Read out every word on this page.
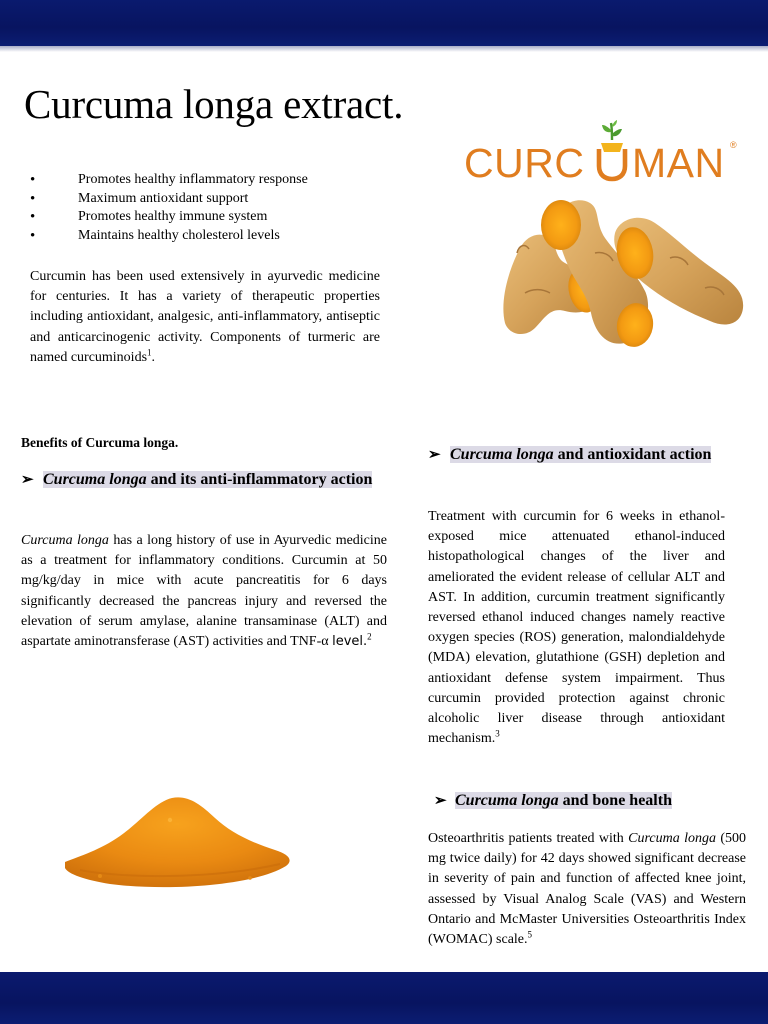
Curcuma longa extract.
• Promotes healthy inflammatory response
• Maximum antioxidant support
• Promotes healthy immune system
• Maintains healthy cholesterol levels

Curcumin has been used extensively in ayurvedic medicine for centuries. It has a variety of therapeutic properties including antioxidant, analgesic, anti-inflammatory, antiseptic and anticarcinogenic activity. Components of turmeric are named curcuminoids$^1$.

CURC MAN ®
Benefits of Curcuma longa.
➢ Curcuma longa and its anti-inflammatory action

Curcuma longa has a long history of use in Ayurvedic medicine as a treatment for inflammatory conditions. Curcumin at 50 mg/kg/day in mice with acute pancreatitis for 6 days significantly decreased the pancreas injury and reversed the elevation of serum amylase, alanine transaminase (ALT) and aspartate aminotransferase (AST) activities and TNF-α level.$^2$

➢ Curcuma longa and antioxidant action

Treatment with curcumin for 6 weeks in ethanol-exposed mice attenuated ethanol-induced histopathological changes of the liver and ameliorated the evident release of cellular ALT and AST. In addition, curcumin treatment significantly reversed ethanol induced changes namely reactive oxygen species (ROS) generation, malondialdehyde (MDA) elevation, glutathione (GSH) depletion and antioxidant defense system impairment. Thus curcumin provided protection against chronic alcoholic liver disease through antioxidant mechanism.$^3$

➢ Curcuma longa and bone health

Osteoarthritis patients treated with Curcuma longa (500 mg twice daily) for 42 days showed significant decrease in severity of pain and function of affected knee joint, assessed by Visual Analog Scale (VAS) and Western Ontario and McMaster Universities Osteoarthritis Index (WOMAC) scale.$^5$
